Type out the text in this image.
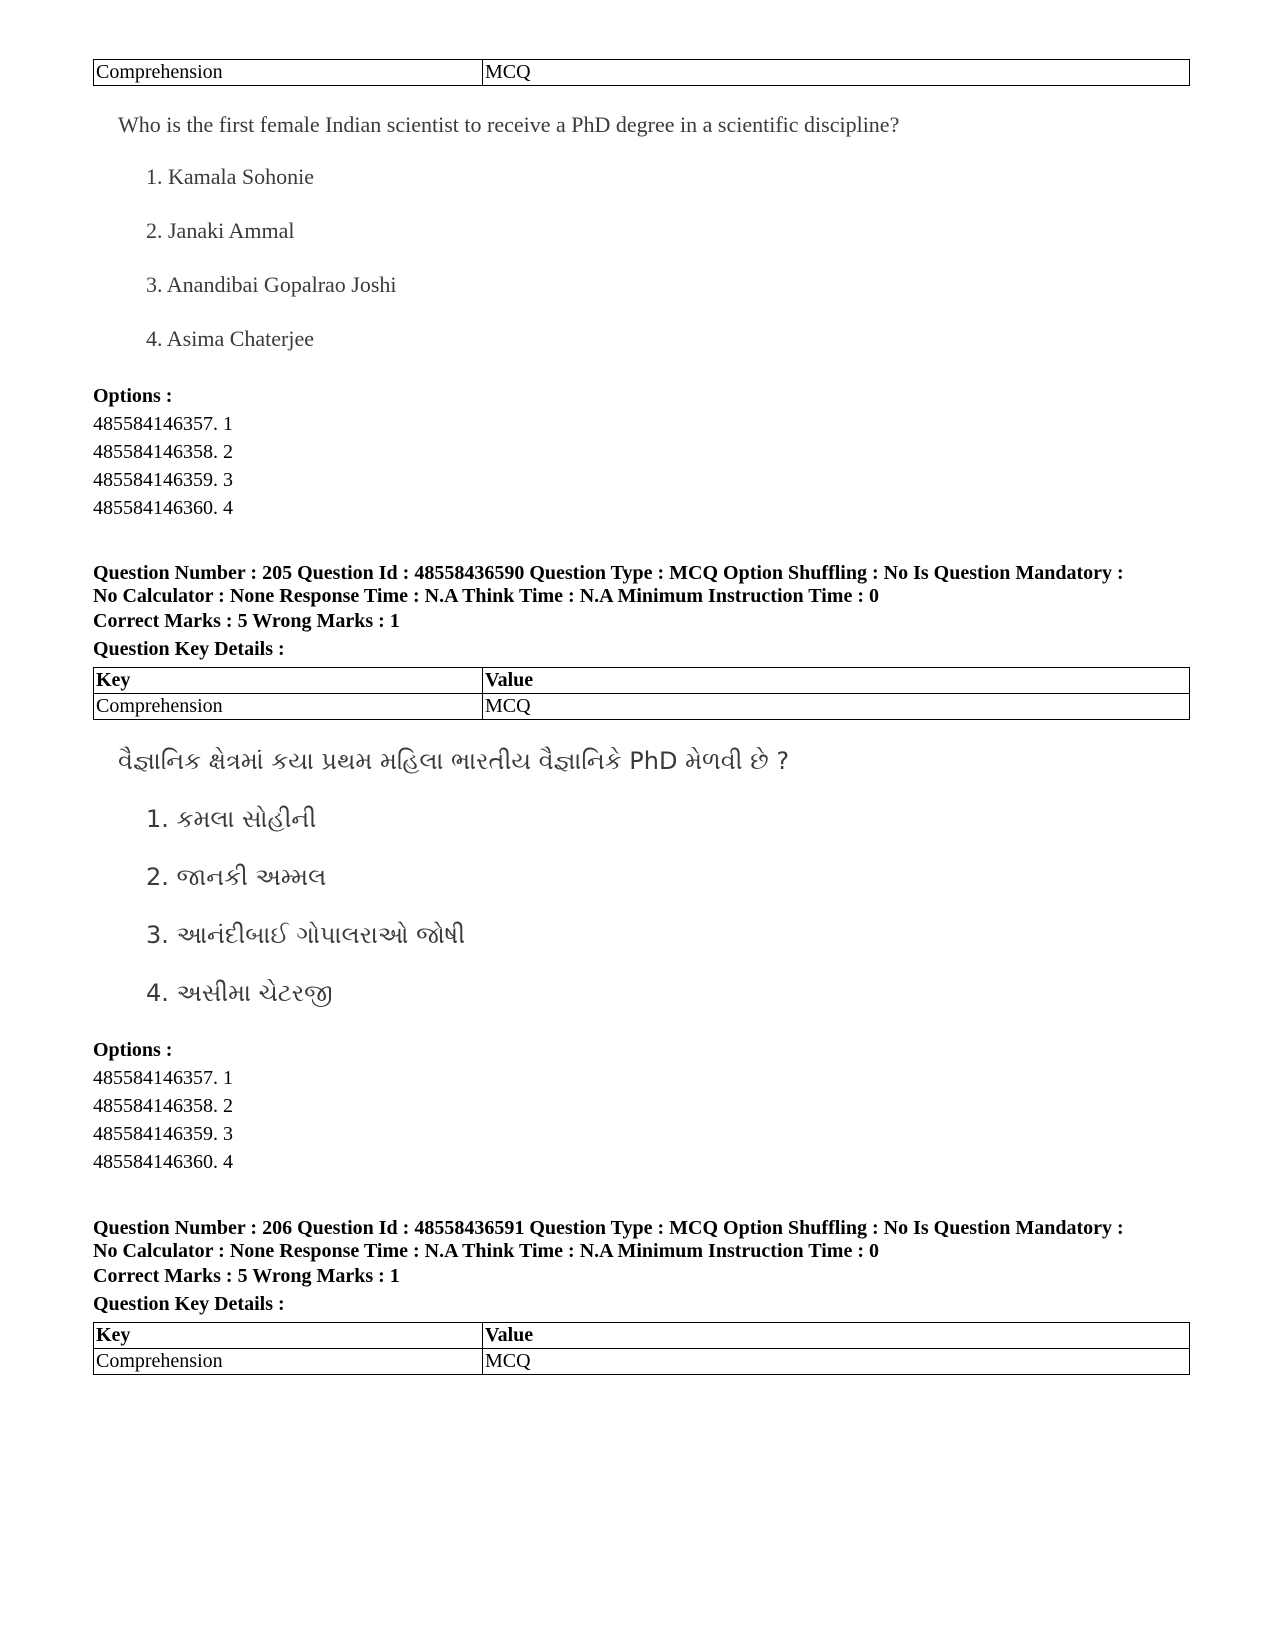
Comprehension	MCQ
Who is the first female Indian scientist to receive a PhD degree in a scientific discipline?
1. Kamala Sohonie
2. Janaki Ammal
3. Anandibai Gopalrao Joshi
4. Asima Chaterjee
Options :
485584146357. 1
485584146358. 2
485584146359. 3
485584146360. 4
Question Number : 205 Question Id : 48558436590 Question Type : MCQ Option Shuffling : No Is Question Mandatory :
No Calculator : None Response Time : N.A Think Time : N.A Minimum Instruction Time : 0
Correct Marks : 5 Wrong Marks : 1
Question Key Details :
Key	Value
Comprehension	MCQ
વૈજ્ઞાનિક ક્ષેત્રમાં કયા પ્રથમ મહિલા ભારતીય વૈજ્ઞાનિકે PhD મેળવી છે ?
1. કમલા સોહીની
2. જાનકી અમ્મલ
3. આનંદીબાઈ ગોપાલરાઓ જોષી
4. અસીમા ચેટરજી
Options :
485584146357. 1
485584146358. 2
485584146359. 3
485584146360. 4
Question Number : 206 Question Id : 48558436591 Question Type : MCQ Option Shuffling : No Is Question Mandatory :
No Calculator : None Response Time : N.A Think Time : N.A Minimum Instruction Time : 0
Correct Marks : 5 Wrong Marks : 1
Question Key Details :
Key	Value
Comprehension	MCQ
